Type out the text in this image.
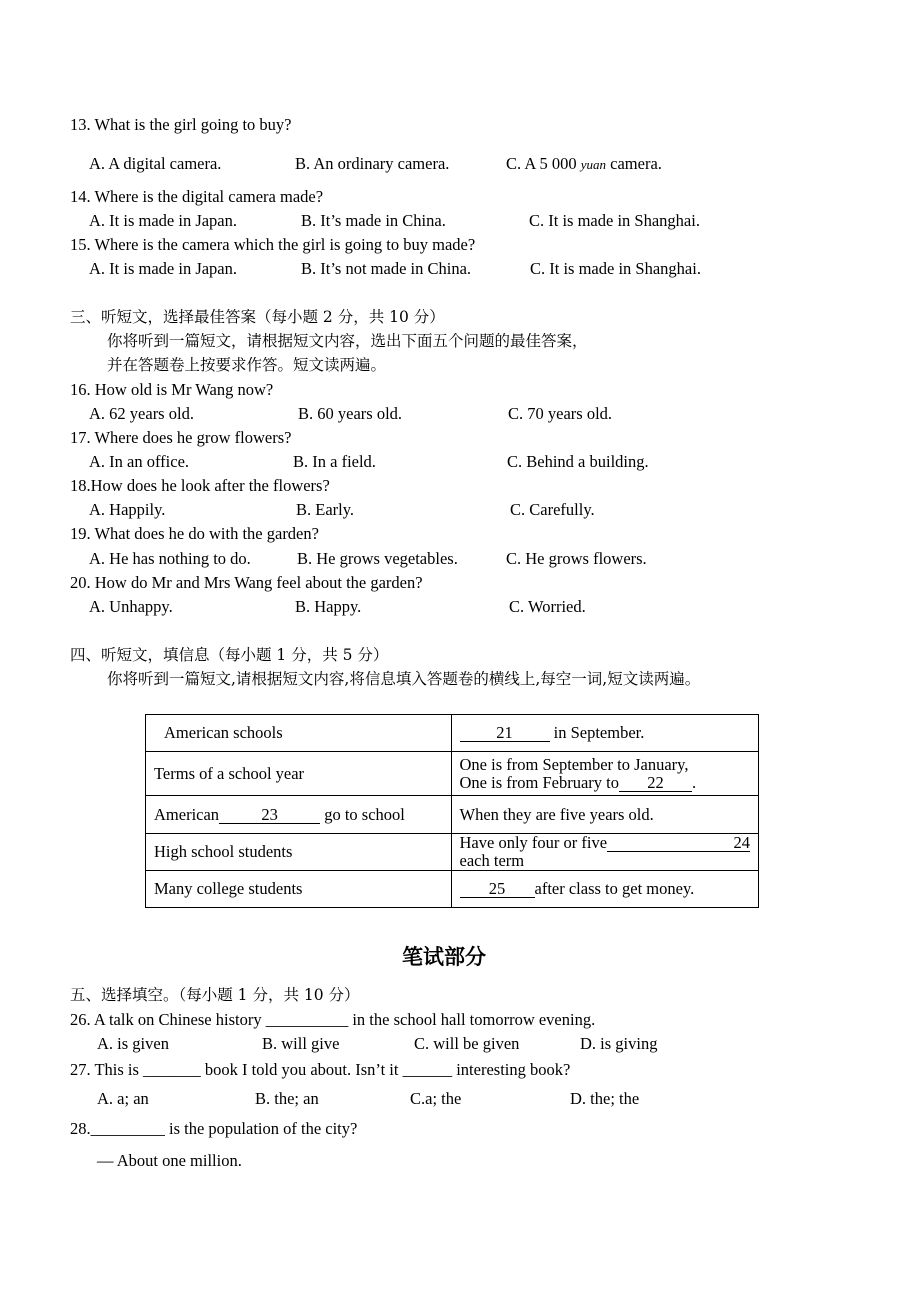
13. What is the girl going to buy?
A. A digital camera.	B. An ordinary camera.	C. A 5 000 yuan camera.
14. Where is the digital camera made?
A. It is made in Japan.	B. It’s made in China.	C. It is made in Shanghai.
15. Where is the camera which the girl is going to buy made?
A. It is made in Japan.	B. It’s not made in China.	C. It is made in Shanghai.
三、听短文，选择最佳答案（每小题 2 分，共 10 分）
你将听到一篇短文，请根据短文内容，选出下面五个问题的最佳答案，
并在答题卷上按要求作答。短文读两遍。
16. How old is Mr Wang now?
A. 62 years old.	B. 60 years old.	C. 70 years old.
17. Where does he grow flowers?
A. In an office.	B. In a field.	C. Behind a building.
18.How does he look after the flowers?
A. Happily.	B. Early.	C. Carefully.
19. What does he do with the garden?
A. He has nothing to do.	B. He grows vegetables.	C. He grows flowers.
20. How do Mr and Mrs Wang feel about the garden?
A. Unhappy.	B. Happy.	C. Worried.
四、听短文，填信息（每小题 1 分，共 5 分）
你将听到一篇短文,请根据短文内容,将信息填入答题卷的横线上,每空一词,短文读两遍。
American schools	21 in September.
Terms of a school year	One is from September to January,
One is from February to 22 .

American 23 go to school	When they are five years old.
High school students	Have only four or five 24
each term

Many college students	25 after class to get money.
笔试部分
五、选择填空。（每小题 1 分，共 10 分）
26. A talk on Chinese history __________ in the school hall tomorrow evening.
A. is given	B. will give	C. will be given	D. is giving
27. This is _______ book I told you about. Isn’t it ______ interesting book?
A. a; an	B. the; an	C.a; the	D. the; the
28._________ is the population of the city?
— About one million.
